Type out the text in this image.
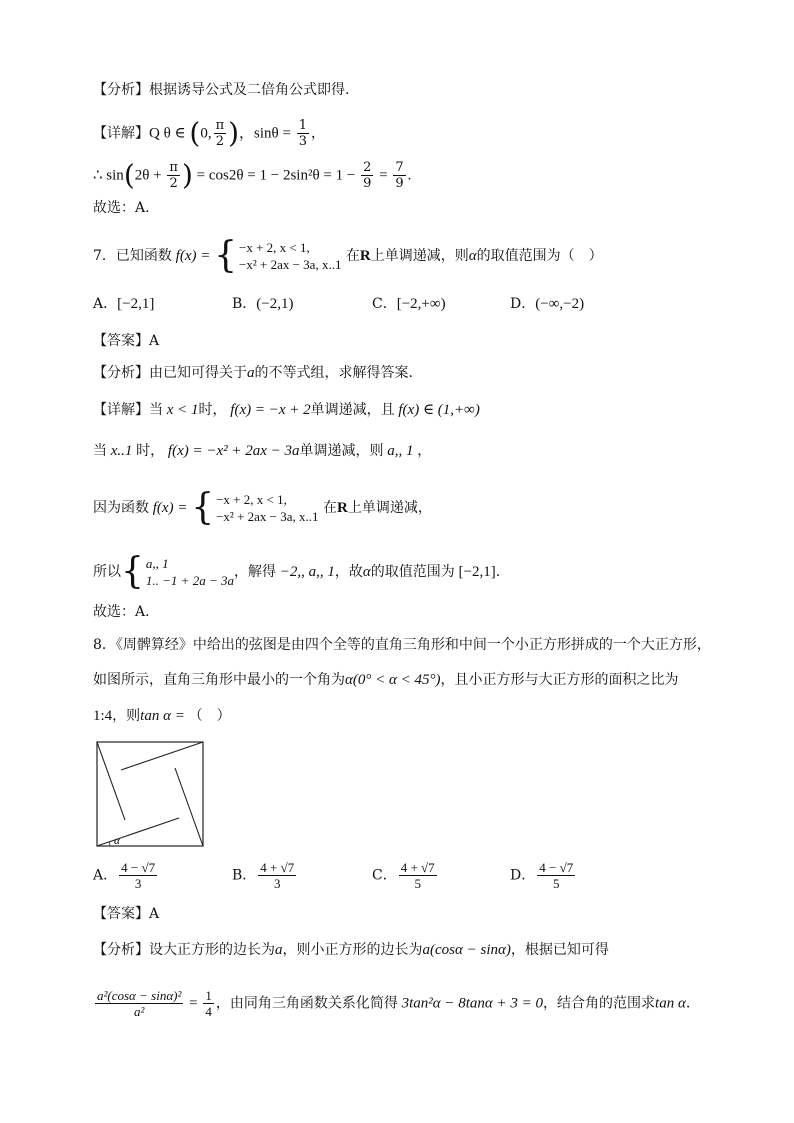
【分析】根据诱导公式及二倍角公式即得.
【详解】Q θ ∈ (0, $\frac{\pi}{2}$ )，$\sin\theta = \frac{1}{3}$ ，
∴ $\sin(2\theta + \frac{\pi}{2}$ ) = $\cos 2\theta = 1 - 2\sin^2\theta = 1 - \frac{2}{9} = \frac{7}{9}$ .
故选：A.
7．已知函数 f(x) = { −x + 2, x < 1,
−x² + 2ax − 3a, x..1
在R上单调递减，则α的取值范围为（　）
A．[−2,1]	B．(−2,1)	C．[−2,+∞)	D．(−∞,−2)
【答案】A
【分析】由已知可得关于a的不等式组，求解得答案．
【详解】当 x < 1时， f(x) = −x + 2单调递减，且 f(x) ∈ (1,+∞)
当 x..1 时， f(x) = −x² + 2ax − 3a单调递减，则 a,, 1 ，
因为函数 f(x) = { −x + 2, x < 1,
−x² + 2ax − 3a, x..1
在R上单调递减，
所以 { a,, 1
1.. −1 + 2a − 3a
，解得 −2,, a,, 1，故α的取值范围为 [−2,1].
故选：A．
8．《周髀算经》中给出的弦图是由四个全等的直角三角形和中间一个小正方形拼成的一个大正方形，
如图所示，直角三角形中最小的一个角为α(0° < α < 45°)，且小正方形与大正方形的面积之比为
1:4，则tan α = （　）
α
A． $\frac{4 - √7}{3}$	B． $\frac{4 + √7}{3}$	C． $\frac{4 + √7}{5}$	D． $\frac{4 - √7}{5}$
【答案】A
【分析】设大正方形的边长为a，则小正方形的边长为a(cosα − sinα)，根据已知可得
$\frac{\text{a²(cosα − sinα)²}}{\text{a²}} = \frac{1}{4}$ ，由同角三角函数关系化简得 3tan²α − 8tanα + 3 = 0，结合角的范围求tan α.
